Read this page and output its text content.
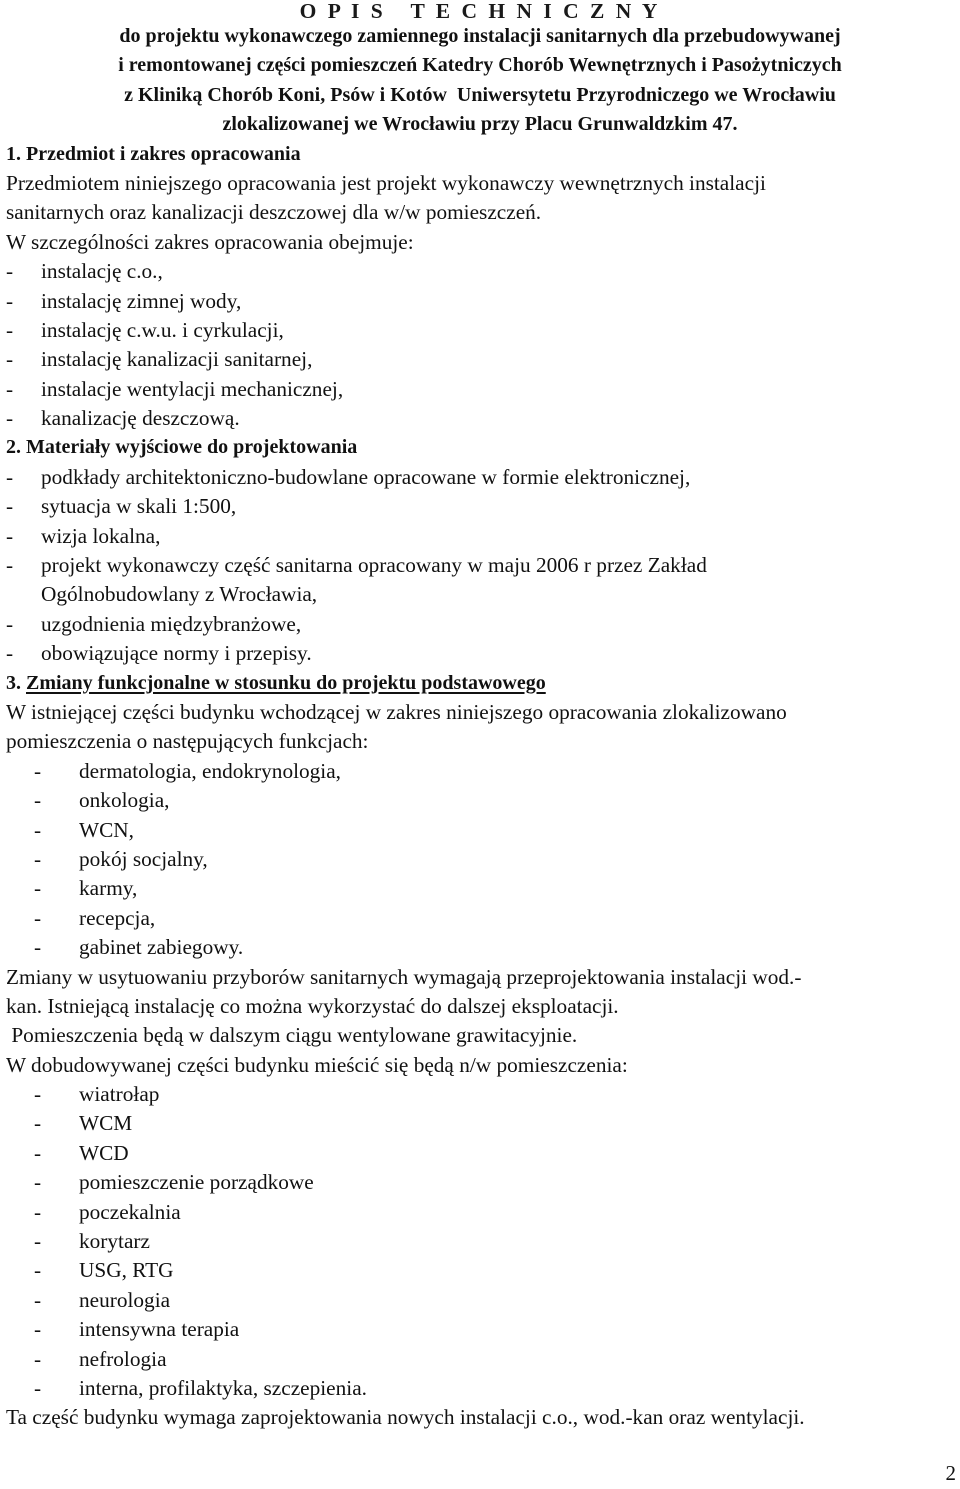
O P I S   T E C H N I C Z N Y
do projektu wykonawczego zamiennego instalacji sanitarnych dla przebudowywanej
i remontowanej części pomieszczeń Katedry Chorób Wewnętrznych i Pasożytniczych
z Kliniką Chorób Koni, Psów i Kotów  Uniwersytetu Przyrodniczego we Wrocławiu
zlokalizowanej we Wrocławiu przy Placu Grunwaldzkim 47.
1. Przedmiot i zakres opracowania
Przedmiotem niniejszego opracowania jest projekt wykonawczy wewnętrznych instalacji
sanitarnych oraz kanalizacji deszczowej dla w/w pomieszczeń.
W szczególności zakres opracowania obejmuje:
-	instalację c.o.,
-	instalację zimnej wody,
-	instalację c.w.u. i cyrkulacji,
-	instalację kanalizacji sanitarnej,
-	instalacje wentylacji mechanicznej,
-	kanalizację deszczową.
2. Materiały wyjściowe do projektowania
-	podkłady architektoniczno-budowlane opracowane w formie elektronicznej,
-	sytuacja w skali 1:500,
-	wizja lokalna,
-	projekt wykonawczy część sanitarna opracowany w maju 2006 r przez Zakład
Ogólnobudowlany z Wrocławia,
-	uzgodnienia międzybranżowe,
-	obowiązujące normy i przepisy.
3. Zmiany funkcjonalne w stosunku do projektu podstawowego
W istniejącej części budynku wchodzącej w zakres niniejszego opracowania zlokalizowano
pomieszczenia o następujących funkcjach:
-	dermatologia, endokrynologia,
-	onkologia,
-	WCN,
-	pokój socjalny,
-	karmy,
-	recepcja,
-	gabinet zabiegowy.
Zmiany w usytuowaniu przyborów sanitarnych wymagają przeprojektowania instalacji wod.-
kan. Istniejącą instalację co można wykorzystać do dalszej eksploatacji.
Pomieszczenia będą w dalszym ciągu wentylowane grawitacyjnie.
W dobudowywanej części budynku mieścić się będą n/w pomieszczenia:
-	wiatrołap
-	WCM
-	WCD
-	pomieszczenie porządkowe
-	poczekalnia
-	korytarz
-	USG, RTG
-	neurologia
-	intensywna terapia
-	nefrologia
-	interna, profilaktyka, szczepienia.
Ta część budynku wymaga zaprojektowania nowych instalacji c.o., wod.-kan oraz wentylacji.
2
